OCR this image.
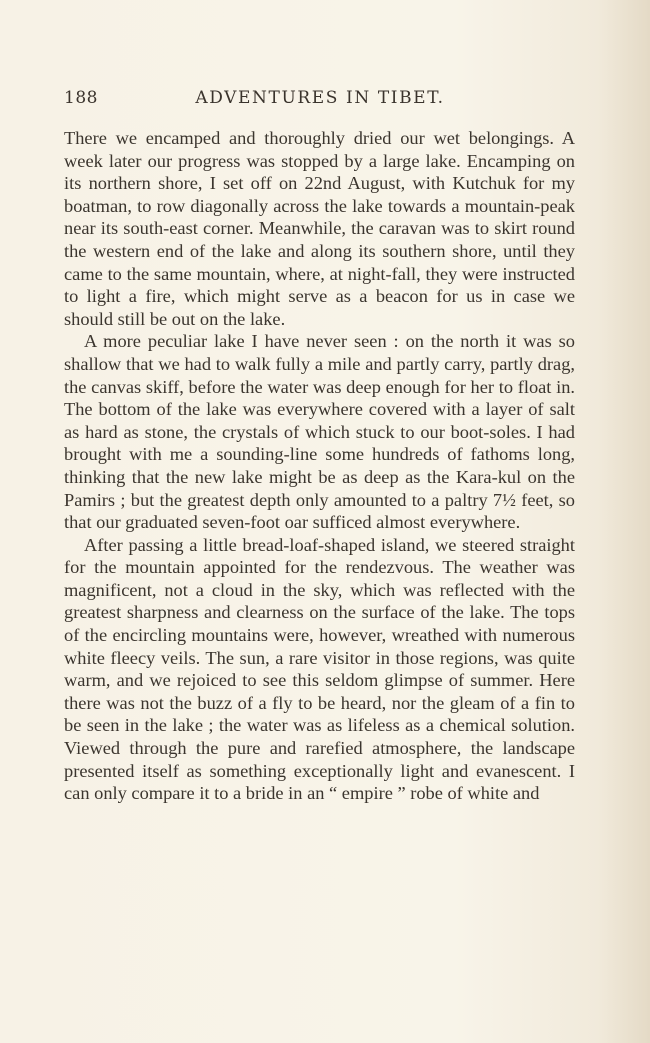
188	ADVENTURES IN TIBET.

There we encamped and thoroughly dried our wet belongings. A week later our progress was stopped by a large lake. Encamping on its northern shore, I set off on 22nd August, with Kutchuk for my boatman, to row diagonally across the lake towards a mountain-peak near its south-east corner. Meanwhile, the caravan was to skirt round the western end of the lake and along its southern shore, until they came to the same mountain, where, at night-fall, they were instructed to light a fire, which might serve as a beacon for us in case we should still be out on the lake.

A more peculiar lake I have never seen : on the north it was so shallow that we had to walk fully a mile and partly carry, partly drag, the canvas skiff, before the water was deep enough for her to float in. The bottom of the lake was everywhere covered with a layer of salt as hard as stone, the crystals of which stuck to our boot-soles. I had brought with me a sounding-line some hundreds of fathoms long, thinking that the new lake might be as deep as the Kara-kul on the Pamirs ; but the greatest depth only amounted to a paltry 7½ feet, so that our graduated seven-foot oar sufficed almost everywhere.

After passing a little bread-loaf-shaped island, we steered straight for the mountain appointed for the rendezvous. The weather was magnificent, not a cloud in the sky, which was reflected with the greatest sharpness and clearness on the surface of the lake. The tops of the encircling mountains were, however, wreathed with numerous white fleecy veils. The sun, a rare visitor in those regions, was quite warm, and we rejoiced to see this seldom glimpse of summer. Here there was not the buzz of a fly to be heard, nor the gleam of a fin to be seen in the lake ; the water was as lifeless as a chemical solution. Viewed through the pure and rarefied atmosphere, the landscape presented itself as something exceptionally light and evanescent. I can only compare it to a bride in an “ empire ” robe of white and
